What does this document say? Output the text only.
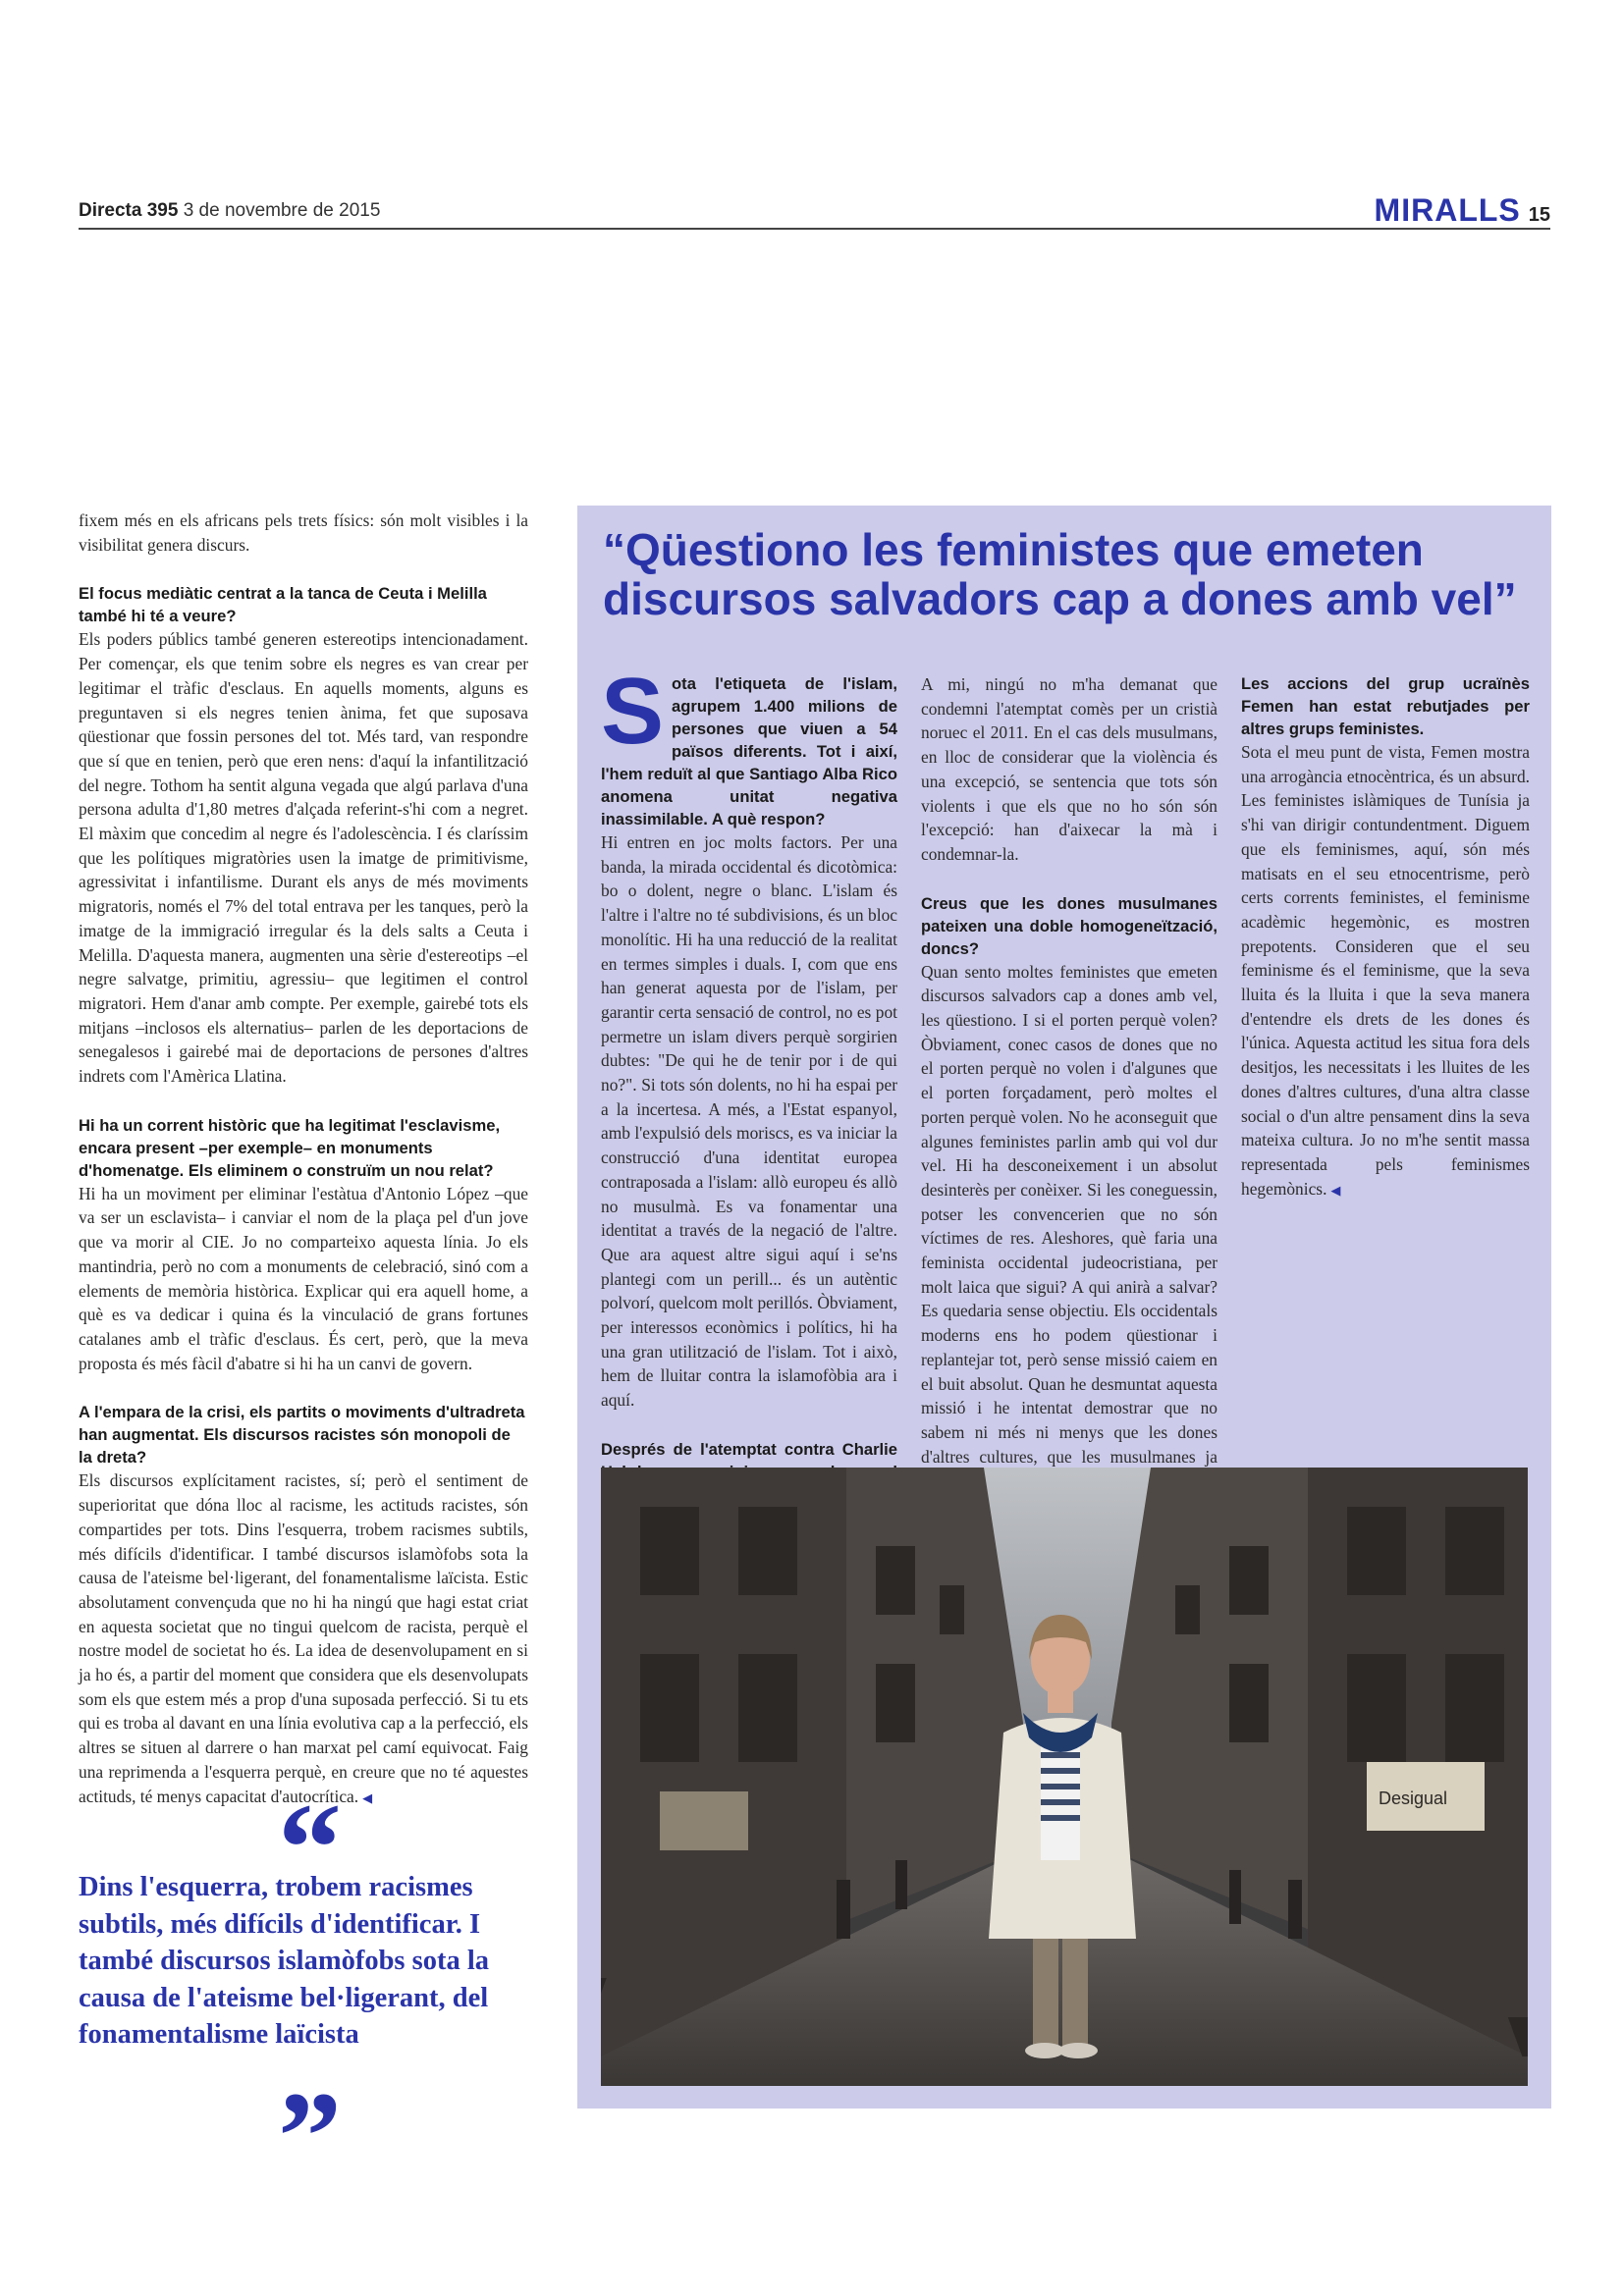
Directa 395 3 de novembre de 2015	MIRALLS 15

fixem més en els africans pels trets físics: són molt visibles i la visibilitat genera discurs.

El focus mediàtic centrat a la tanca de Ceuta i Melilla també hi té a veure?

Els poders públics també generen estereotips intencionadament. Per començar, els que tenim sobre els negres es van crear per legitimar el tràfic d'esclaus. En aquells moments, alguns es preguntaven si els negres tenien ànima, fet que suposava qüestionar que fossin persones del tot. Més tard, van respondre que sí que en tenien, però que eren nens: d'aquí la infantilització del negre. Tothom ha sentit alguna vegada que algú parlava d'una persona adulta d'1,80 metres d'alçada referint-s'hi com a negret. El màxim que concedim al negre és l'adolescència. I és claríssim que les polítiques migratòries usen la imatge de primitivisme, agressivitat i infantilisme. Durant els anys de més moviments migratoris, només el 7% del total entrava per les tanques, però la imatge de la immigració irregular és la dels salts a Ceuta i Melilla. D'aquesta manera, augmenten una sèrie d'estereotips –el negre salvatge, primitiu, agressiu– que legitimen el control migratori. Hem d'anar amb compte. Per exemple, gairebé tots els mitjans –inclosos els alternatius– parlen de les deportacions de senegalesos i gairebé mai de deportacions de persones d'altres indrets com l'Amèrica Llatina.

Hi ha un corrent històric que ha legitimat l'esclavisme, encara present –per exemple– en monuments d'homenatge. Els eliminem o construïm un nou relat?

Hi ha un moviment per eliminar l'estàtua d'Antonio López –que va ser un esclavista– i canviar el nom de la plaça pel d'un jove que va morir al CIE. Jo no comparteixo aquesta línia. Jo els mantindria, però no com a monuments de celebració, sinó com a elements de memòria històrica. Explicar qui era aquell home, a què es va dedicar i quina és la vinculació de grans fortunes catalanes amb el tràfic d'esclaus. És cert, però, que la meva proposta és més fàcil d'abatre si hi ha un canvi de govern.

A l'empara de la crisi, els partits o moviments d'ultradreta han augmentat. Els discursos racistes són monopoli de la dreta?

Els discursos explícitament racistes, sí; però el sentiment de superioritat que dóna lloc al racisme, les actituds racistes, són compartides per tots. Dins l'esquerra, trobem racismes subtils, més difícils d'identificar. I també discursos islamòfobs sota la causa de l'ateisme bel·ligerant, del fonamentalisme laïcista. Estic absolutament convençuda que no hi ha ningú que hagi estat criat en aquesta societat que no tingui quelcom de racista, perquè el nostre model de societat ho és. La idea de desenvolupament en si ja ho és, a partir del moment que considera que els desenvolupats som els que estem més a prop d'una suposada perfecció. Si tu ets qui es troba al davant en una línia evolutiva cap a la perfecció, els altres se situen al darrere o han marxat pel camí equivocat. Faig una reprimenda a l'esquerra perquè, en creure que no té aquestes actituds, té menys capacitat d'autocrítica. ◀

“
Dins l'esquerra, trobem racismes subtils, més difícils d'identificar. I també discursos islamòfobs sota la causa de l'ateisme bel·ligerant, del fonamentalisme laïcista
”
“Qüestiono les feministes que emeten discursos salvadors cap a dones amb vel”

Sota l'etiqueta de l'islam, agrupem 1.400 milions de persones que viuen a 54 països diferents. Tot i així, l'hem reduït al que Santiago Alba Rico anomena unitat negativa inassimilable. A què respon?

Hi entren en joc molts factors. Per una banda, la mirada occidental és dicotòmica: bo o dolent, negre o blanc. L'islam és l'altre i l'altre no té subdivisions, és un bloc monolític. Hi ha una reducció de la realitat en termes simples i duals. I, com que ens han generat aquesta por de l'islam, per garantir certa sensació de control, no es pot permetre un islam divers perquè sorgirien dubtes: "De qui he de tenir por i de qui no?". Si tots són dolents, no hi ha espai per a la incertesa. A més, a l'Estat espanyol, amb l'expulsió dels moriscs, es va iniciar la construcció d'una identitat europea contraposada a l'islam: allò europeu és allò no musulmà. Es va fonamentar una identitat a través de la negació de l'altre. Que ara aquest altre sigui aquí i se'ns plantegi com un perill... és un autèntic polvorí, quelcom molt perillós. Òbviament, per interessos econòmics i polítics, hi ha una gran utilització de l'islam. Tot i això, hem de lluitar contra la islamofòbia ara i aquí.

Després de l'atemptat contra Charlie

A mi, ningú no m'ha demanat que condemni l'atemptat comès per un cristià noruec el 2011. En el cas dels musulmans, en lloc de considerar que la violència és una excepció, se sentencia que tots són violents i que els que no ho són són l'excepció: han d'aixecar la mà i condemnar-la.

Creus que les dones musulmanes pateixen una doble homogeneïtzació, doncs?

Quan sento moltes feministes que emeten discursos salvadors cap a dones amb vel, les qüestiono. I si el porten perquè volen? Òbviament, conec casos de dones que no el porten perquè no volen i d'algunes que el porten forçadament, però moltes el porten perquè volen. No he aconseguit que algunes feministes parlin amb qui vol dur vel. Hi ha desconeixement i un absolut desinterès per conèixer. Si les coneguessin, potser les convencerien que no són víctimes de res. Aleshores, què faria una feminista occidental judeocristiana, per molt laica que sigui? A qui anirà a salvar? Es quedaria sense objectiu. Els occidentals moderns ens ho podem qüestionar i replantejar tot, però sense missió caiem en el buit absolut. Quan he desmuntat aquesta missió i he intentat demostrar que no sabem ni més ni menys que les dones d'altres cultures, que les musulmanes ja

Les accions del grup ucraïnès Femen han estat rebutjades per altres grups feministes.

Sota el meu punt de vista, Femen mostra una arrogància etnocèntrica, és un absurd. Les feministes islàmiques de Tunísia ja s'hi van dirigir contundentment. Diguem que els feminismes, aquí, són més matisats en el seu etnocentrisme, però certs corrents feministes, el feminisme acadèmic hegemònic, es mostren prepotents. Consideren que el seu feminisme és el feminisme, que la seva lluita és la lluita i que la seva manera d'entendre els drets de les dones és l'única. Aquesta actitud les situa fora dels desitjos, les necessitats i les lluites de les dones d'altres cultures, d'una altra classe social o d'un altre pensament dins la seva mateixa cultura. Jo no m'he sentit massa representada pels feminismes hegemònics. ◀

Desigual
